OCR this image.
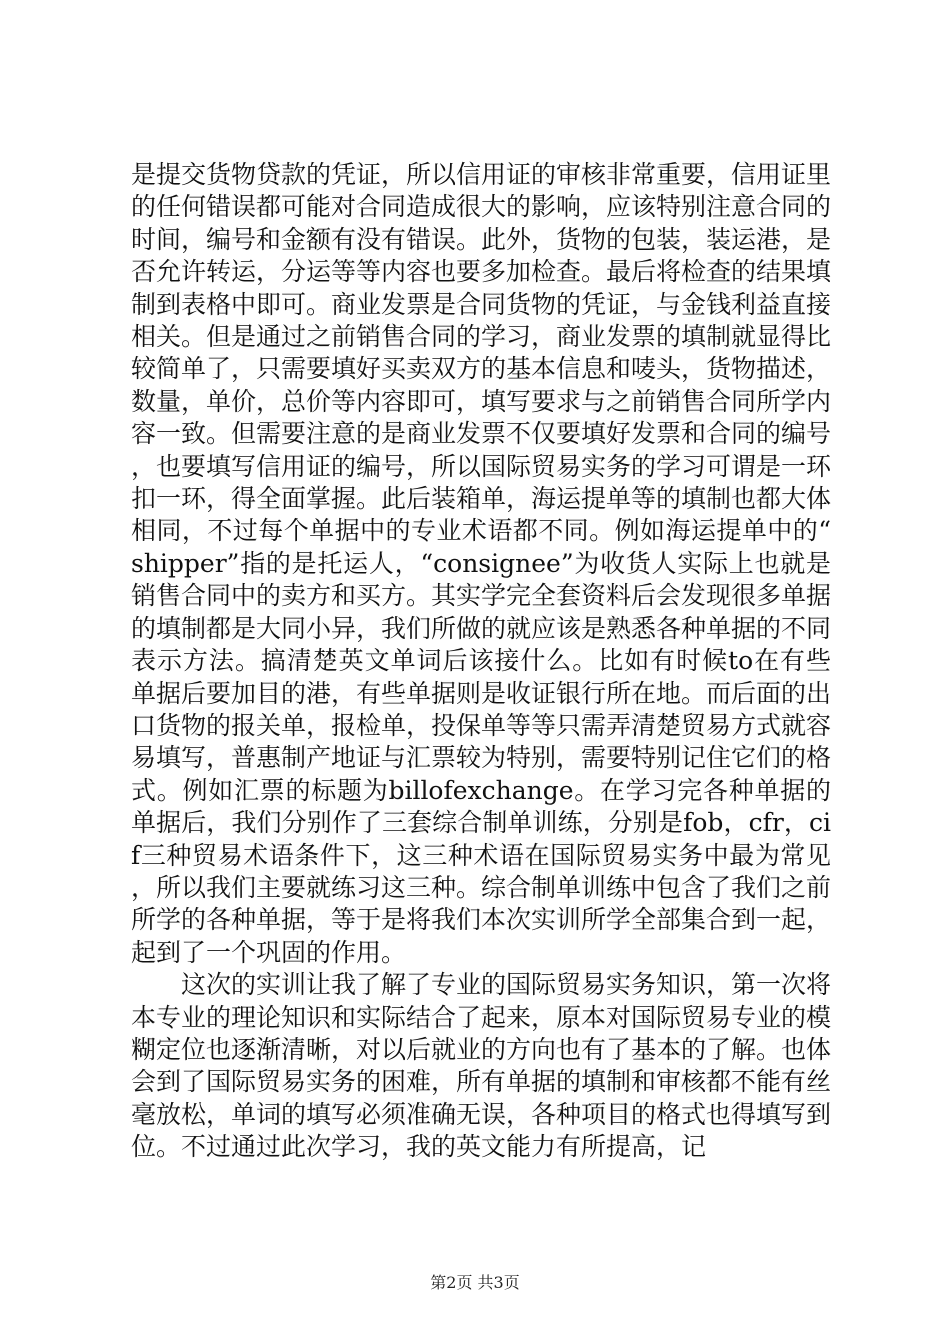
是提交货物贷款的凭证，所以信用证的审核非常重要，信用证里的任何错误都可能对合同造成很大的影响，应该特别注意合同的时间，编号和金额有没有错误。此外，货物的包装，装运港，是否允许转运，分运等等内容也要多加检查。最后将检查的结果填制到表格中即可。商业发票是合同货物的凭证，与金钱利益直接相关。但是通过之前销售合同的学习，商业发票的填制就显得比较简单了，只需要填好买卖双方的基本信息和唛头，货物描述，数量，单价，总价等内容即可，填写要求与之前销售合同所学内容一致。但需要注意的是商业发票不仅要填好发票和合同的编号，也要填写信用证的编号，所以国际贸易实务的学习可谓是一环扣一环，得全面掌握。此后装箱单，海运提单等的填制也都大体相同，不过每个单据中的专业术语都不同。例如海运提单中的“shipper”指的是托运人，“consignee”为收货人实际上也就是销售合同中的卖方和买方。其实学完全套资料后会发现很多单据的填制都是大同小异，我们所做的就应该是熟悉各种单据的不同表示方法。搞清楚英文单词后该接什么。比如有时候to在有些单据后要加目的港，有些单据则是收证银行所在地。而后面的出口货物的报关单，报检单，投保单等等只需弄清楚贸易方式就容易填写，普惠制产地证与汇票较为特别，需要特别记住它们的格式。例如汇票的标题为billofexchange。在学习完各种单据的单据后，我们分别作了三套综合制单训练，分别是fob，cfr，cif三种贸易术语条件下，这三种术语在国际贸易实务中最为常见，所以我们主要就练习这三种。综合制单训练中包含了我们之前所学的各种单据，等于是将我们本次实训所学全部集合到一起，起到了一个巩固的作用。

这次的实训让我了解了专业的国际贸易实务知识，第一次将本专业的理论知识和实际结合了起来，原本对国际贸易专业的模糊定位也逐渐清晰，对以后就业的方向也有了基本的了解。也体会到了国际贸易实务的困难，所有单据的填制和审核都不能有丝毫放松，单词的填写必须准确无误，各种项目的格式也得填写到位。不过通过此次学习，我的英文能力有所提高，记

第2页 共3页
